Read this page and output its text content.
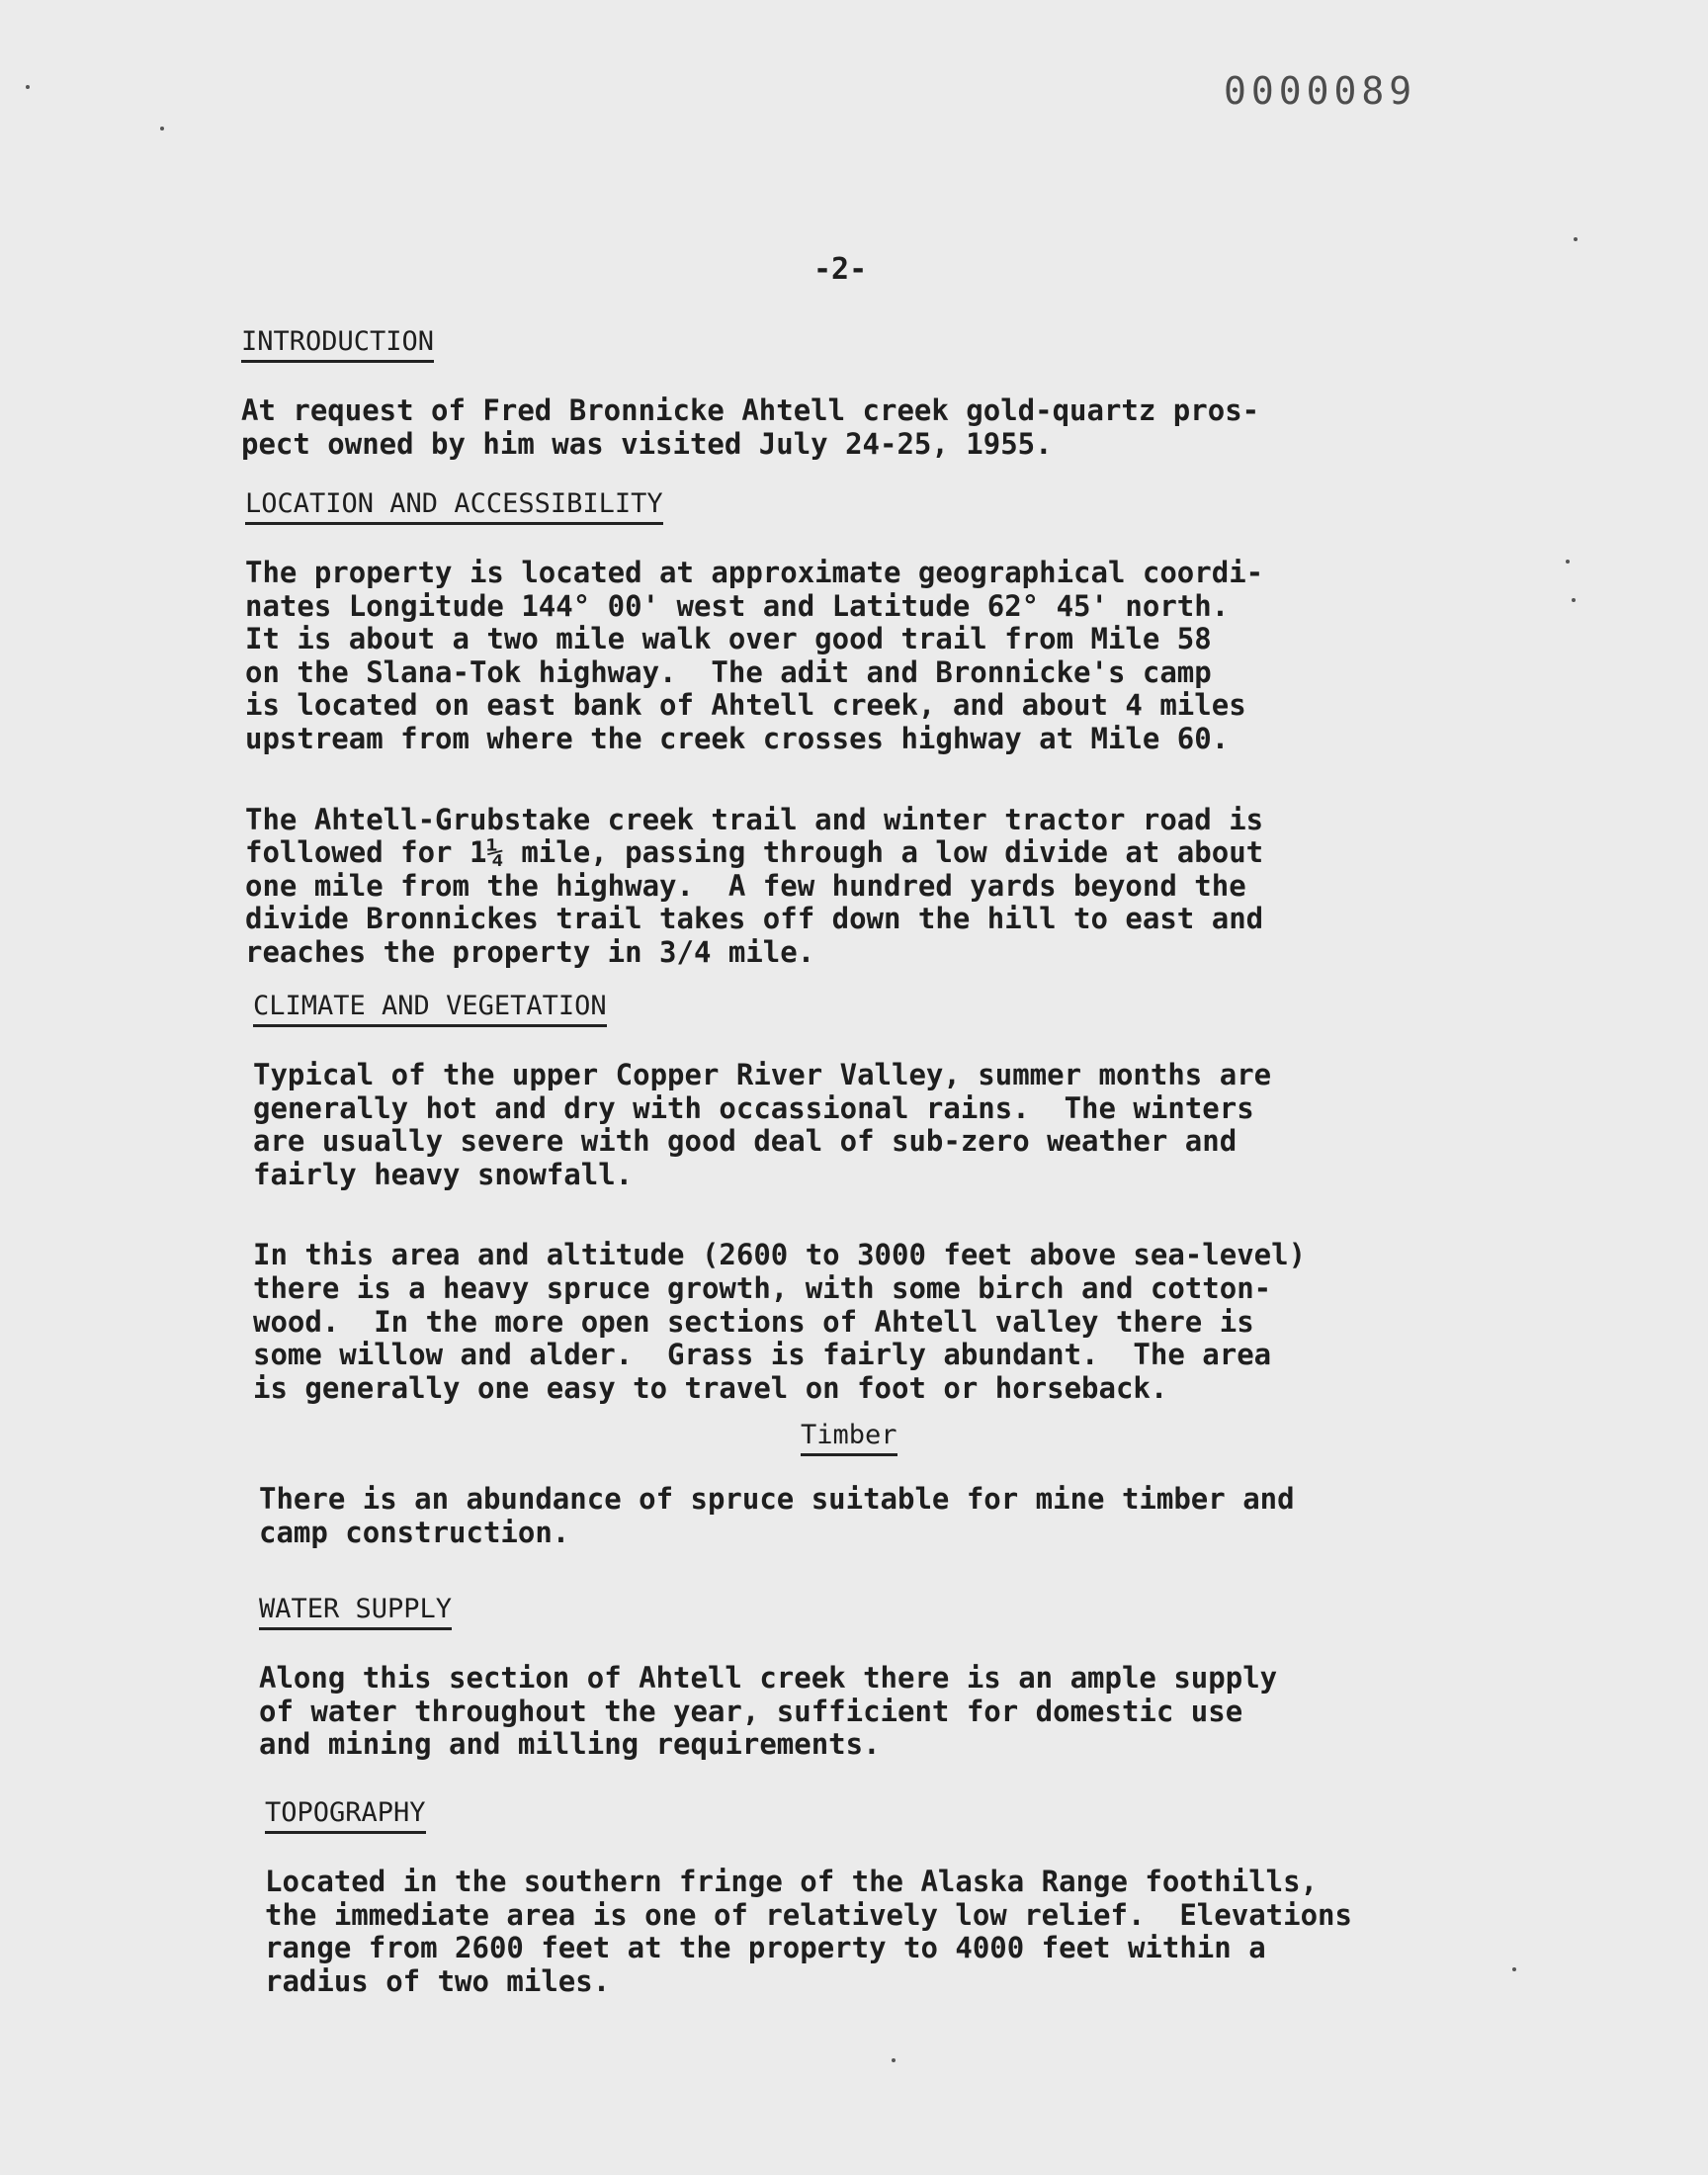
0000089
-2-
INTRODUCTION
At request of Fred Bronnicke Ahtell creek gold-quartz pros-
pect owned by him was visited July 24-25, 1955.
LOCATION AND ACCESSIBILITY
The property is located at approximate geographical coordi-
nates Longitude 144° 00' west and Latitude 62° 45' north.
It is about a two mile walk over good trail from Mile 58
on the Slana-Tok highway.  The adit and Bronnicke's camp
is located on east bank of Ahtell creek, and about 4 miles
upstream from where the creek crosses highway at Mile 60.
The Ahtell-Grubstake creek trail and winter tractor road is
followed for 1¼ mile, passing through a low divide at about
one mile from the highway.  A few hundred yards beyond the
divide Bronnickes trail takes off down the hill to east and
reaches the property in 3/4 mile.
CLIMATE AND VEGETATION
Typical of the upper Copper River Valley, summer months are
generally hot and dry with occassional rains.  The winters
are usually severe with good deal of sub-zero weather and
fairly heavy snowfall.
In this area and altitude (2600 to 3000 feet above sea-level)
there is a heavy spruce growth, with some birch and cotton-
wood.  In the more open sections of Ahtell valley there is
some willow and alder.  Grass is fairly abundant.  The area
is generally one easy to travel on foot or horseback.
Timber
There is an abundance of spruce suitable for mine timber and
camp construction.
WATER SUPPLY
Along this section of Ahtell creek there is an ample supply
of water throughout the year, sufficient for domestic use
and mining and milling requirements.
TOPOGRAPHY
Located in the southern fringe of the Alaska Range foothills,
the immediate area is one of relatively low relief.  Elevations
range from 2600 feet at the property to 4000 feet within a
radius of two miles.
